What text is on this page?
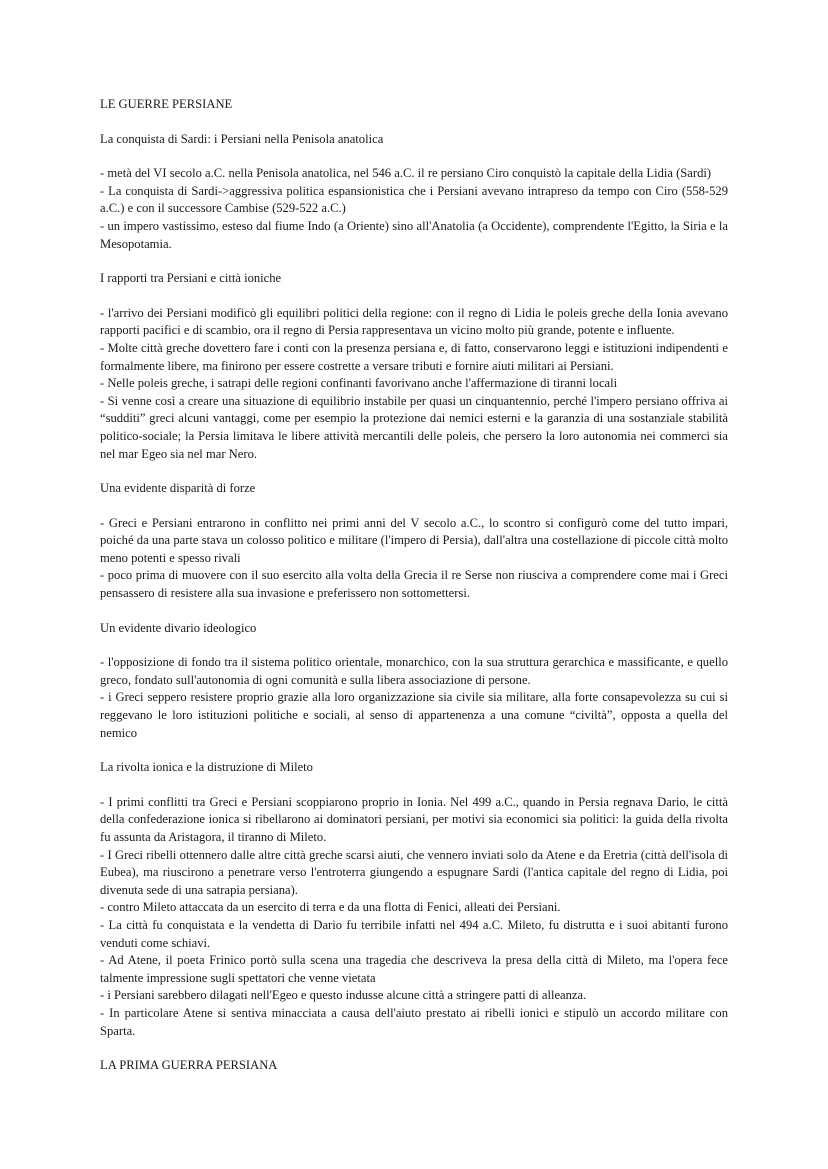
LE GUERRE PERSIANE
La conquista di Sardi: i Persiani nella Penisola anatolica

- metà del VI secolo a.C. nella Penisola anatolica, nel 546 a.C. il re persiano Ciro conquistò la capitale della Lidia (Sardi)

- La conquista di Sardi->aggressiva politica espansionistica che i Persiani avevano intrapreso da tempo con Ciro (558-529 a.C.) e con il successore Cambise (529-522 a.C.)

- un impero vastissimo, esteso dal fiume Indo (a Oriente) sino all'Anatolia (a Occidente), comprendente l'Egitto, la Siria e la Mesopotamia.

I rapporti tra Persiani e città ioniche

- l'arrivo dei Persiani modificò gli equilibri politici della regione: con il regno di Lidia le poleis greche della Ionia avevano rapporti pacifici e di scambio, ora il regno di Persia rappresentava un vicino molto più grande, potente e influente.

- Molte città greche dovettero fare i conti con la presenza persiana e, di fatto, conservarono leggi e istituzioni indipendenti e formalmente libere, ma finirono per essere costrette a versare tributi e fornire aiuti militari ai Persiani.

- Nelle poleis greche, i satrapi delle regioni confinanti favorivano anche l'affermazione di tiranni locali

- Si venne così a creare una situazione di equilibrio instabile per quasi un cinquantennio, perché l'impero persiano offriva ai “sudditi” greci alcuni vantaggi, come per esempio la protezione dai nemici esterni e la garanzia di una sostanziale stabilità politico-sociale; la Persia limitava le libere attività mercantili delle poleis, che persero la loro autonomia nei commerci sia nel mar Egeo sia nel mar Nero.

Una evidente disparità di forze

- Greci e Persiani entrarono in conflitto nei primi anni del V secolo a.C., lo scontro si configurò come del tutto impari, poiché da una parte stava un colosso politico e militare (l'impero di Persia), dall'altra una costellazione di piccole città molto meno potenti e spesso rivali

- poco prima di muovere con il suo esercito alla volta della Grecia il re Serse non riusciva a comprendere come mai i Greci pensassero di resistere alla sua invasione e preferissero non sottomettersi.

Un evidente divario ideologico

- l'opposizione di fondo tra il sistema politico orientale, monarchico, con la sua struttura gerarchica e massificante, e quello greco, fondato sull'autonomia di ogni comunità e sulla libera associazione di persone.

- i Greci seppero resistere proprio grazie alla loro organizzazione sia civile sia militare, alla forte consapevolezza su cui si reggevano le loro istituzioni politiche e sociali, al senso di appartenenza a una comune “civiltà”, opposta a quella del nemico

La rivolta ionica e la distruzione di Mileto

- I primi conflitti tra Greci e Persiani scoppiarono proprio in Ionia. Nel 499 a.C., quando in Persia regnava Dario, le città della confederazione ionica si ribellarono ai dominatori persiani, per motivi sia economici sia politici: la guida della rivolta fu assunta da Aristagora, il tiranno di Mileto.

- I Greci ribelli ottennero dalle altre città greche scarsi aiuti, che vennero inviati solo da Atene e da Eretria (città dell'isola di Eubea), ma riuscirono a penetrare verso l'entroterra giungendo a espugnare Sardi (l'antica capitale del regno di Lidia, poi divenuta sede di una satrapia persiana).

- contro Mileto attaccata da un esercito di terra e da una flotta di Fenici, alleati dei Persiani.

- La città fu conquistata e la vendetta di Dario fu terribile infatti nel 494 a.C. Mileto, fu distrutta e i suoi abitanti furono venduti come schiavi.

- Ad Atene, il poeta Frinico portò sulla scena una tragedia che descriveva la presa della città di Mileto, ma l'opera fece talmente impressione sugli spettatori che venne vietata

- i Persiani sarebbero dilagati nell'Egeo e questo indusse alcune città a stringere patti di alleanza.

- In particolare Atene si sentiva minacciata a causa dell'aiuto prestato ai ribelli ionici e stipulò un accordo militare con Sparta.

LA PRIMA GUERRA PERSIANA
